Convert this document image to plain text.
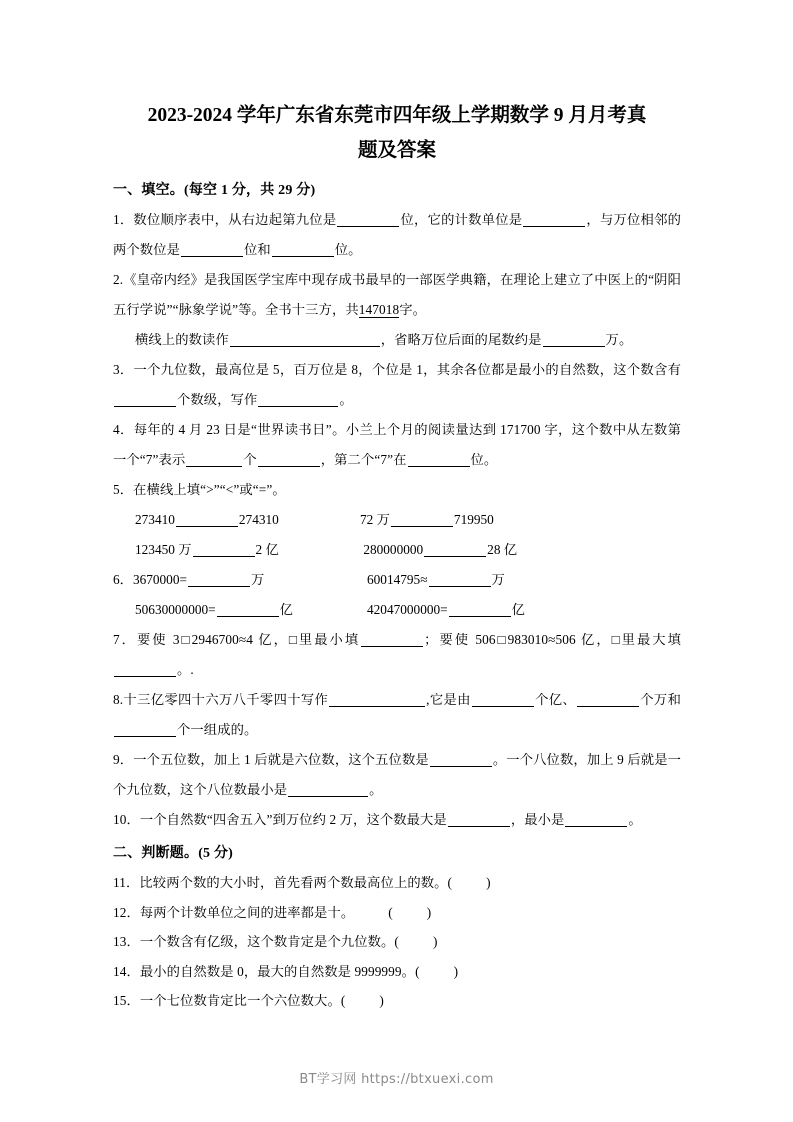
2023-2024 学年广东省东莞市四年级上学期数学 9 月月考真
题及答案
一、填空。(每空 1 分，共 29 分)

1．数位顺序表中，从右边起第九位是	位，它的计数单位是	，与万位相邻的两个数位是	位和	位。

2.《皇帝内经》是我国医学宝库中现存成书最早的一部医学典籍，在理论上建立了中医上的“阴阳五行学说”“脉象学说”等。全书十三方，共147018字。

横线上的数读作	，省略万位后面的尾数约是	万。

3．一个九位数，最高位是 5，百万位是 8，个位是 1，其余各位都是最小的自然数，这个数含有个数级，写作	。

4．每年的 4 月 23 日是“世界读书日”。小兰上个月的阅读量达到 171700 字，这个数中从左数第一个“7”表示	个	，第二个“7”在	位。

5．在横线上填“>”“<”或“=”。

273410	274310	72 万	719950
123450 万	2 亿	280000000	28 亿
6．3670000=	万	60014795≈	万
50630000000=	亿	42047000000=	亿

7．要使 3□2946700≈4 亿，□里最小填	；要使 506□983010≈506 亿，□里最大填。.

8.十三亿零四十六万八千零四十写作	,它是由	个亿、	个万和个一组成的。

9．一个五位数，加上 1 后就是六位数，这个五位数是	。一个八位数，加上 9 后就是一个九位数，这个八位数最小是	。

10．一个自然数“四舍五入”到万位约 2 万，这个数最大是	，最小是	。

二、判断题。(5 分)

11．比较两个数的大小时，首先看两个数最高位上的数。(	)

12．每两个计数单位之间的进率都是十。	(	)

13．一个数含有亿级，这个数肯定是个九位数。(	)

14．最小的自然数是 0，最大的自然数是 9999999。(	)

15．一个七位数肯定比一个六位数大。(	)

BT学习网 https://btxuexi.com
